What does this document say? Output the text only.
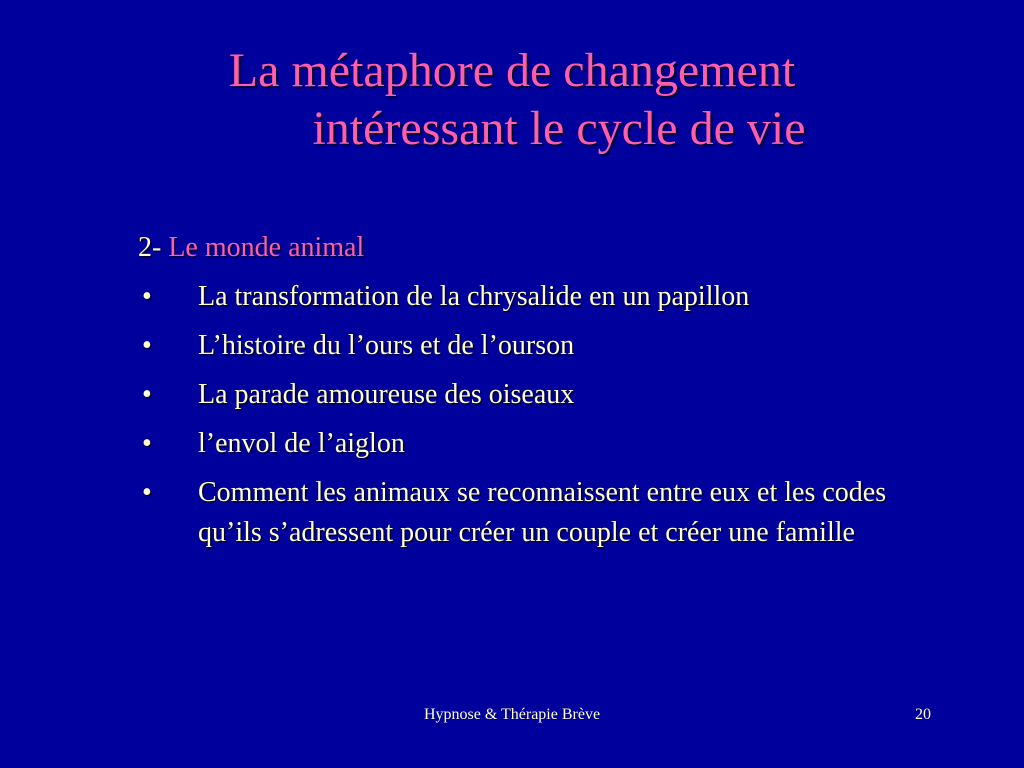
La métaphore de changement
intéressant le cycle de vie
2- Le monde animal
• La transformation de la chrysalide en un papillon
• L’histoire du l’ours et de l’ourson
• La parade amoureuse des oiseaux
• l’envol de l’aiglon
• Comment les animaux se reconnaissent entre eux et les codes qu’ils s’adressent pour créer un couple et créer une famille
Hypnose & Thérapie Brève	20
